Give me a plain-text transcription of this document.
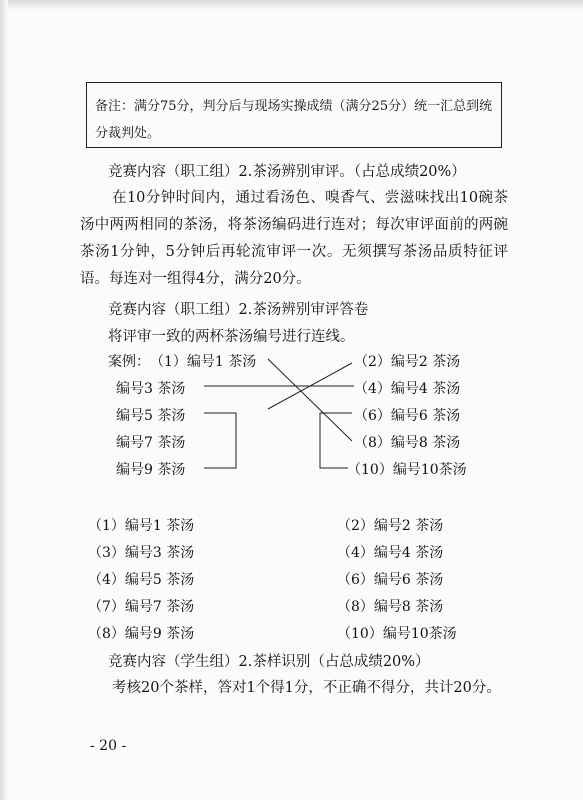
备注：满分75分，判分后与现场实操成绩（满分25分）统一汇总到统分裁判处。
竞赛内容（职工组）2.茶汤辨别审评。（占总成绩20%）
在10分钟时间内，通过看汤色、嗅香气、尝滋味找出10碗茶汤中两两相同的茶汤，将茶汤编码进行连对；每次审评面前的两碗茶汤1分钟，5分钟后再轮流审评一次。无须撰写茶汤品质特征评语。每连对一组得4分，满分20分。
竞赛内容（职工组）2.茶汤辨别审评答卷
将评审一致的两杯茶汤编号进行连线。
案例： （1）编号1 茶汤
编号3 茶汤
编号5 茶汤
编号7 茶汤
编号9 茶汤
（2）编号2 茶汤
（4）编号4 茶汤
（6）编号6 茶汤
（8）编号8 茶汤
（10）编号10茶汤
（1）编号1 茶汤
（3）编号3 茶汤
（4）编号5 茶汤
（7）编号7 茶汤
（8）编号9 茶汤
（2）编号2 茶汤
（4）编号4 茶汤
（6）编号6 茶汤
（8）编号8 茶汤
（10）编号10茶汤
竞赛内容（学生组）2.茶样识别（占总成绩20%）
考核20个茶样，答对1个得1分，不正确不得分，共计20分。
- 20 -
